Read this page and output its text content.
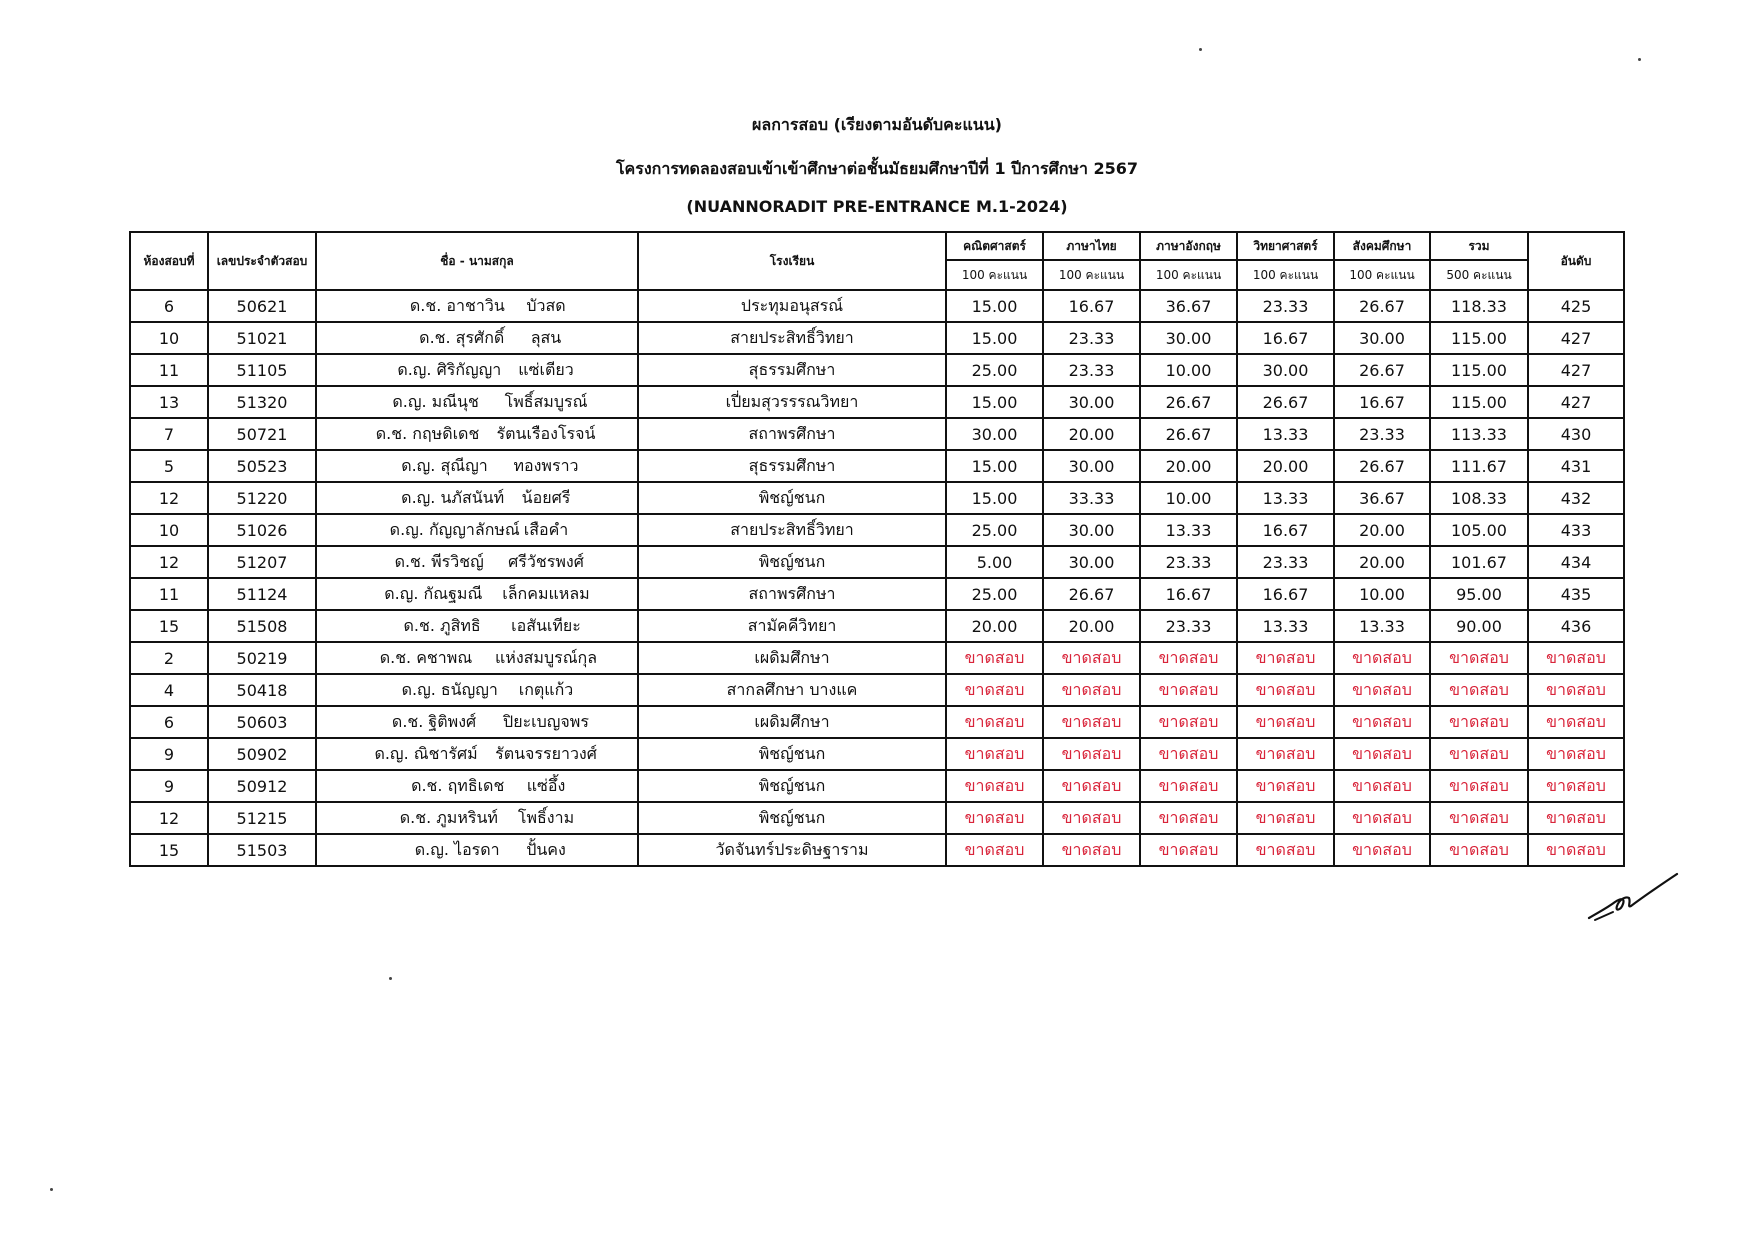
ผลการสอบ (เรียงตามอันดับคะแนน)
โครงการทดลองสอบเข้าเข้าศึกษาต่อชั้นมัธยมศึกษาปีที่ 1 ปีการศึกษา 2567
(NUANNORADIT PRE-ENTRANCE M.1-2024)
ห้องสอบที่	เลขประจำตัวสอบ	ชื่อ - นามสกุล	โรงเรียน	คณิตศาสตร์	ภาษาไทย	ภาษาอังกฤษ	วิทยาศาสตร์	สังคมศึกษา	รวม	อันดับ
				100 คะแนน	100 คะแนน	100 คะแนน	100 คะแนน	100 คะแนน	500 คะแนน	
6	50621	ด.ช. อาชาวิน บัวสด	ประทุมอนุสรณ์	15.00	16.67	36.67	23.33	26.67	118.33	425
10	51021	ด.ช. สุรศักดิ์ ลุสน	สายประสิทธิ์วิทยา	15.00	23.33	30.00	16.67	30.00	115.00	427
11	51105	ด.ญ. ศิริกัญญา แซ่เตียว	สุธรรมศึกษา	25.00	23.33	10.00	30.00	26.67	115.00	427
13	51320	ด.ญ. มณีนุช โพธิ์สมบูรณ์	เปี่ยมสุวรรรณวิทยา	15.00	30.00	26.67	26.67	16.67	115.00	427
7	50721	ด.ช. กฤษดิเดช รัตนเรืองโรจน์	สถาพรศึกษา	30.00	20.00	26.67	13.33	23.33	113.33	430
5	50523	ด.ญ. สุณีญา ทองพราว	สุธรรมศึกษา	15.00	30.00	20.00	20.00	26.67	111.67	431
12	51220	ด.ญ. นภัสนันท์ น้อยศรี	พิชญ์ชนก	15.00	33.33	10.00	13.33	36.67	108.33	432
10	51026	ด.ญ. กัญญาลักษณ์ เสือคำ	สายประสิทธิ์วิทยา	25.00	30.00	13.33	16.67	20.00	105.00	433
12	51207	ด.ช. พีรวิชญ์ ศรีวัชรพงศ์	พิชญ์ชนก	5.00	30.00	23.33	23.33	20.00	101.67	434
11	51124	ด.ญ. กัณฐมณี เล็กคมแหลม	สถาพรศึกษา	25.00	26.67	16.67	16.67	10.00	95.00	435
15	51508	ด.ช. ภูสิทธิ เอสันเทียะ	สามัคคีวิทยา	20.00	20.00	23.33	13.33	13.33	90.00	436
2	50219	ด.ช. คชาพณ แห่งสมบูรณ์กุล	เผดิมศึกษา	ขาดสอบ	ขาดสอบ	ขาดสอบ	ขาดสอบ	ขาดสอบ	ขาดสอบ	ขาดสอบ
4	50418	ด.ญ. ธนัญญา เกตุแก้ว	สากลศึกษา บางแค	ขาดสอบ	ขาดสอบ	ขาดสอบ	ขาดสอบ	ขาดสอบ	ขาดสอบ	ขาดสอบ
6	50603	ด.ช. ฐิติพงศ์ ปิยะเบญจพร	เผดิมศึกษา	ขาดสอบ	ขาดสอบ	ขาดสอบ	ขาดสอบ	ขาดสอบ	ขาดสอบ	ขาดสอบ
9	50902	ด.ญ. ณิชารัศม์ รัตนจรรยาวงศ์	พิชญ์ชนก	ขาดสอบ	ขาดสอบ	ขาดสอบ	ขาดสอบ	ขาดสอบ	ขาดสอบ	ขาดสอบ
9	50912	ด.ช. ฤทธิเดช แซ่อึ้ง	พิชญ์ชนก	ขาดสอบ	ขาดสอบ	ขาดสอบ	ขาดสอบ	ขาดสอบ	ขาดสอบ	ขาดสอบ
12	51215	ด.ช. ภูมหรินท์ โพธิ์งาม	พิชญ์ชนก	ขาดสอบ	ขาดสอบ	ขาดสอบ	ขาดสอบ	ขาดสอบ	ขาดสอบ	ขาดสอบ
15	51503	ด.ญ. ไอรดา ปั้นคง	วัดจันทร์ประดิษฐาราม	ขาดสอบ	ขาดสอบ	ขาดสอบ	ขาดสอบ	ขาดสอบ	ขาดสอบ	ขาดสอบ
